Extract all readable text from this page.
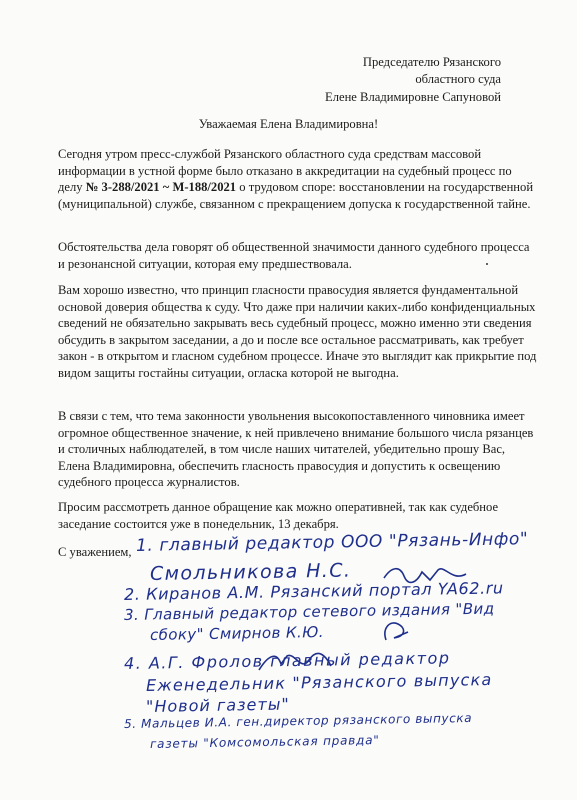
Председателю Рязанского
областного суда
Елене Владимировне Сапуновой
Уважаемая Елена Владимировна!
Сегодня утром пресс-службой Рязанского областного суда средствам массовой информации в устной форме было отказано в аккредитации на судебный процесс по делу № 3-288/2021 ~ М-188/2021 о трудовом споре: восстановлении на государственной (муниципальной) службе, связанном с прекращением допуска к государственной тайне.
Обстоятельства дела говорят об общественной значимости данного судебного процесса и резонансной ситуации, которая ему предшествовала.
Вам хорошо известно, что принцип гласности правосудия является фундаментальной основой доверия общества к суду. Что даже при наличии каких-либо конфиденциальных сведений не обязательно закрывать весь судебный процесс, можно именно эти сведения обсудить в закрытом заседании, а до и после все остальное рассматривать, как требует закон - в открытом и гласном судебном процессе. Иначе это выглядит как прикрытие под видом защиты гостайны ситуации, огласка которой не выгодна.
В связи с тем, что тема законности увольнения высокопоставленного чиновника имеет огромное общественное значение, к ней привлечено внимание большого числа рязанцев и столичных наблюдателей, в том числе наших читателей, убедительно прошу Вас, Елена Владимировна, обеспечить гласность правосудия и допустить к освещению судебного процесса журналистов.
Просим рассмотреть данное обращение как можно оперативней, так как судебное заседание состоится уже в понедельник, 13 декабря.
С уважением, 1. главный редактор ООО "Рязань-Инфо"
Смольникова Н.С.
2. Киранов А.М. Рязанский портал YA62.ru
3. Главный редактор сетевого издания "Вид
сбоку" Смирнов К.Ю.
4. А.Г. Фролов главный редактор
Еженедельник "Рязанского выпуска
"Новой газеты"
5. Мальцев И.А. ген.директор рязанского выпуска
газеты "Комсомольская правда"
